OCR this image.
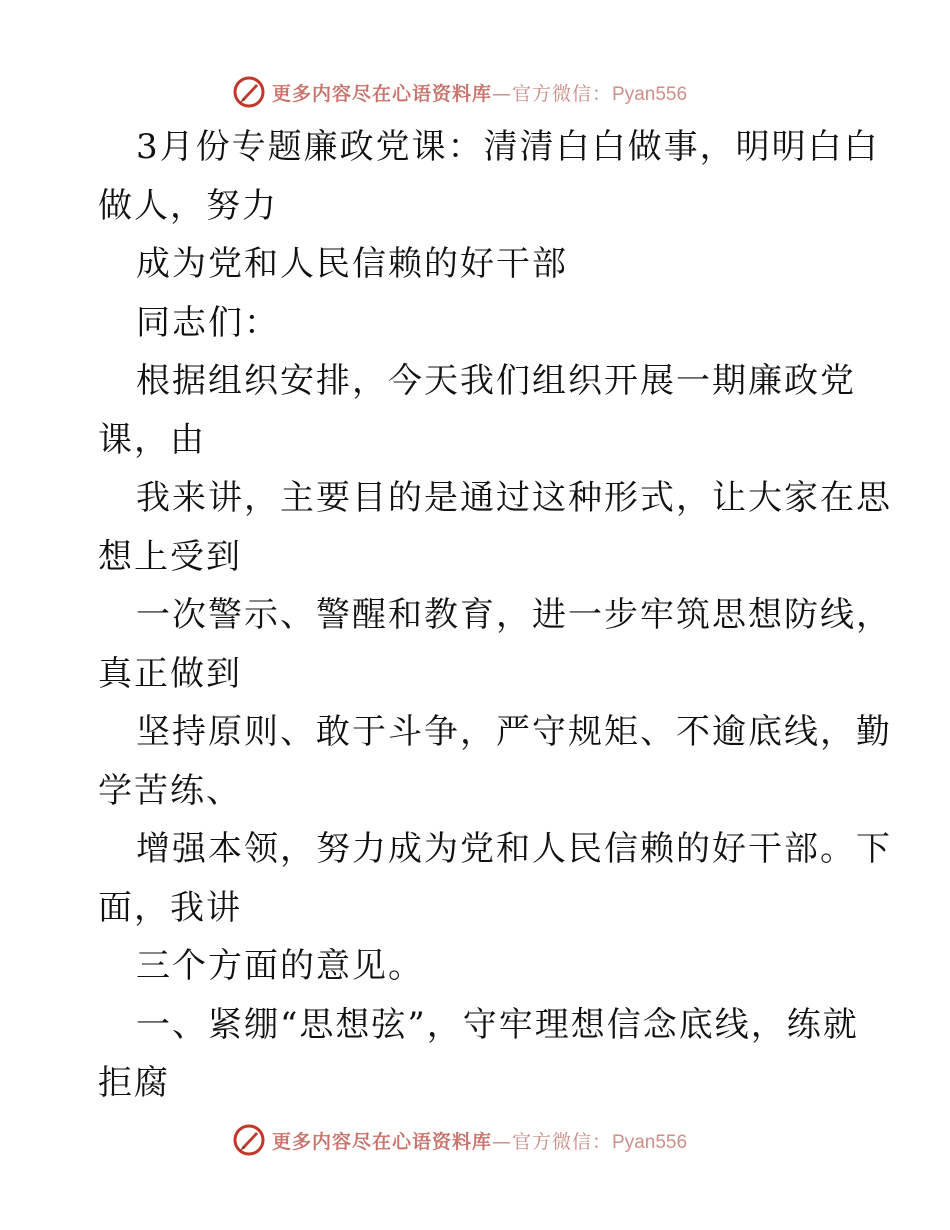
更多内容尽在心语资料库—官方微信：Pyan556
3月份专题廉政党课：清清白白做事，明明白白
做人，努力
成为党和人民信赖的好干部
同志们：
根据组织安排，今天我们组织开展一期廉政党
课，由
我来讲，主要目的是通过这种形式，让大家在思
想上受到
一次警示、警醒和教育，进一步牢筑思想防线，
真正做到
坚持原则、敢于斗争，严守规矩、不逾底线，勤
学苦练、
增强本领，努力成为党和人民信赖的好干部。下
面，我讲
三个方面的意见。
一、紧绷“思想弦”，守牢理想信念底线，练就
拒腐
更多内容尽在心语资料库—官方微信：Pyan556
